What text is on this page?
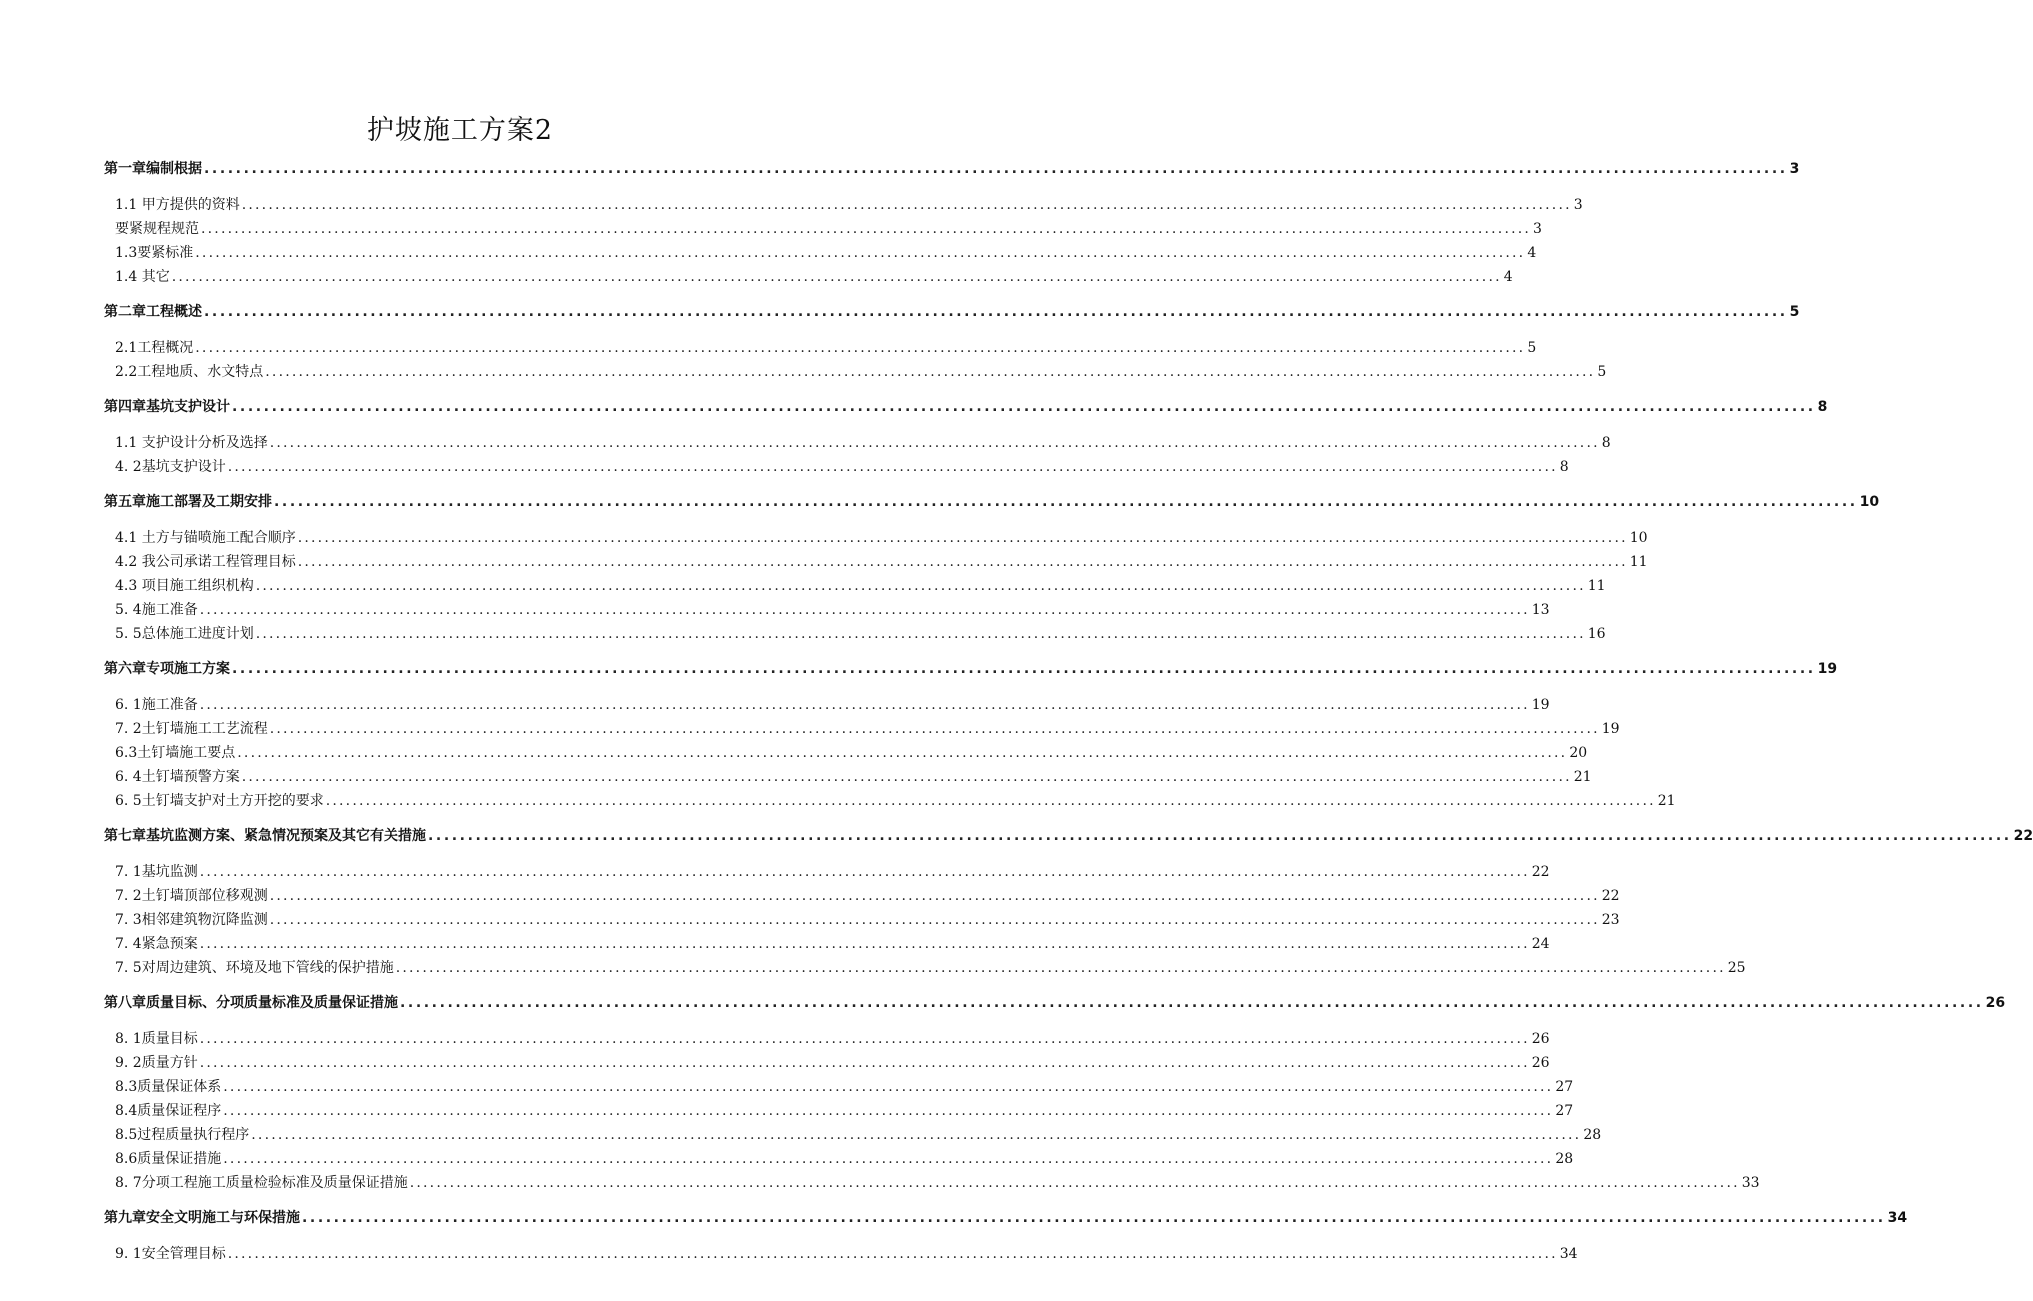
护坡施工方案2
第一章编制根据 ........................................................................................................................................................................................................ 3
1.1 甲方提供的资料 ........................................................................................................................................................................................................ 3
要紧规程规范 ........................................................................................................................................................................................................ 3
1.3要紧标准 ........................................................................................................................................................................................................ 4
1.4 其它 ........................................................................................................................................................................................................ 4
第二章工程概述 ........................................................................................................................................................................................................ 5
2.1工程概况 ........................................................................................................................................................................................................ 5
2.2工程地质、水文特点 ........................................................................................................................................................................................................ 5
第四章基坑支护设计 ........................................................................................................................................................................................................ 8
1.1 支护设计分析及选择 ........................................................................................................................................................................................................ 8
4. 2基坑支护设计 ........................................................................................................................................................................................................ 8
第五章施工部署及工期安排 ........................................................................................................................................................................................................ 10
4.1 土方与锚喷施工配合顺序 ........................................................................................................................................................................................................ 10
4.2 我公司承诺工程管理目标 ........................................................................................................................................................................................................ 11
4.3 项目施工组织机构 ........................................................................................................................................................................................................ 11
5. 4施工准备 ........................................................................................................................................................................................................ 13
5. 5总体施工进度计划 ........................................................................................................................................................................................................ 16
第六章专项施工方案 ........................................................................................................................................................................................................ 19
6. 1施工准备 ........................................................................................................................................................................................................ 19
7. 2土钉墙施工工艺流程 ........................................................................................................................................................................................................ 19
6.3土钉墙施工要点 ........................................................................................................................................................................................................ 20
6. 4土钉墙预警方案 ........................................................................................................................................................................................................ 21
6. 5土钉墙支护对土方开挖的要求 ........................................................................................................................................................................................................ 21
第七章基坑监测方案、紧急情况预案及其它有关措施 ........................................................................................................................................................................................................ 22
7. 1基坑监测 ........................................................................................................................................................................................................ 22
7. 2土钉墙顶部位移观测 ........................................................................................................................................................................................................ 22
7. 3相邻建筑物沉降监测 ........................................................................................................................................................................................................ 23
7. 4紧急预案 ........................................................................................................................................................................................................ 24
7. 5对周边建筑、环境及地下管线的保护措施 ........................................................................................................................................................................................................ 25
第八章质量目标、分项质量标准及质量保证措施 ........................................................................................................................................................................................................ 26
8. 1质量目标 ........................................................................................................................................................................................................ 26
9. 2质量方针 ........................................................................................................................................................................................................ 26
8.3质量保证体系 ........................................................................................................................................................................................................ 27
8.4质量保证程序 ........................................................................................................................................................................................................ 27
8.5过程质量执行程序 ........................................................................................................................................................................................................ 28
8.6质量保证措施 ........................................................................................................................................................................................................ 28
8. 7分项工程施工质量检验标准及质量保证措施 ........................................................................................................................................................................................................ 33
第九章安全文明施工与环保措施 ........................................................................................................................................................................................................ 34
9. 1安全管理目标 ........................................................................................................................................................................................................ 34
